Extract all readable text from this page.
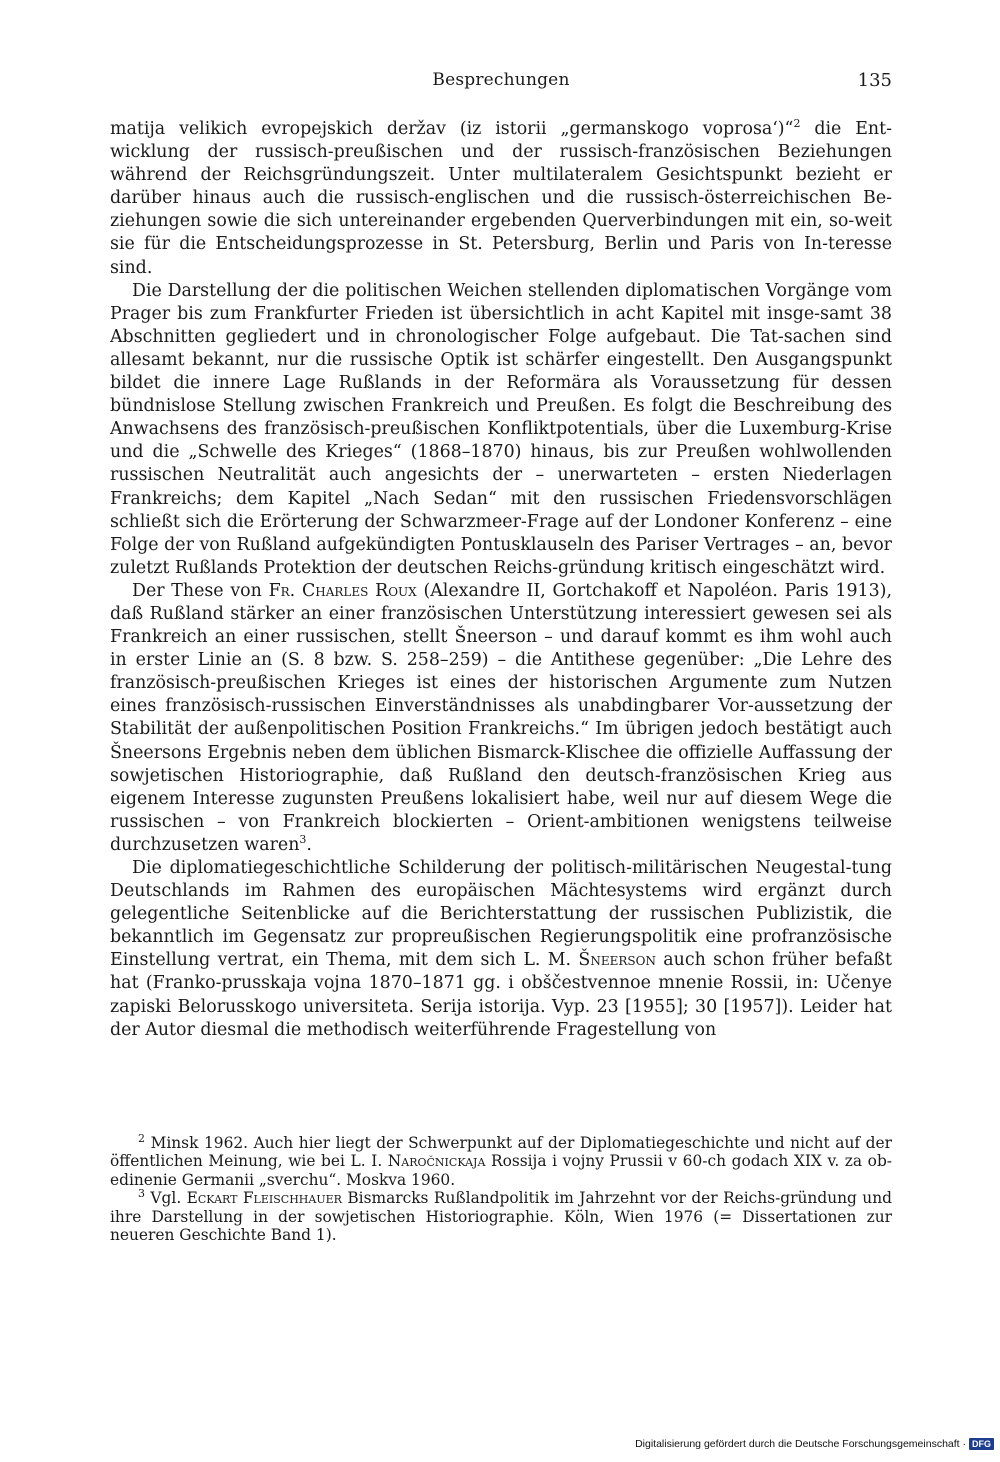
Besprechungen	135

matija velikich evropejskich deržav (iz istorii „germanskogo voprosa‘)“$^2$ die Ent-wicklung der russisch-preußischen und der russisch-französischen Beziehungen während der Reichsgründungszeit. Unter multilateralem Gesichtspunkt bezieht er darüber hinaus auch die russisch-englischen und die russisch-österreichischen Be-ziehungen sowie die sich untereinander ergebenden Querverbindungen mit ein, so-weit sie für die Entscheidungsprozesse in St. Petersburg, Berlin und Paris von In-teresse sind.

Die Darstellung der die politischen Weichen stellenden diplomatischen Vorgänge vom Prager bis zum Frankfurter Frieden ist übersichtlich in acht Kapitel mit insge-samt 38 Abschnitten gegliedert und in chronologischer Folge aufgebaut. Die Tat-sachen sind allesamt bekannt, nur die russische Optik ist schärfer eingestellt. Den Ausgangspunkt bildet die innere Lage Rußlands in der Reformära als Voraussetzung für dessen bündnislose Stellung zwischen Frankreich und Preußen. Es folgt die Beschreibung des Anwachsens des französisch-preußischen Konfliktpotentials, über die Luxemburg-Krise und die „Schwelle des Krieges“ (1868–1870) hinaus, bis zur Preußen wohlwollenden russischen Neutralität auch angesichts der – unerwarteten – ersten Niederlagen Frankreichs; dem Kapitel „Nach Sedan“ mit den russischen Friedensvorschlägen schließt sich die Erörterung der Schwarzmeer-Frage auf der Londoner Konferenz – eine Folge der von Rußland aufgekündigten Pontusklauseln des Pariser Vertrages – an, bevor zuletzt Rußlands Protektion der deutschen Reichs-gründung kritisch eingeschätzt wird.

Der These von Fr. Charles Roux (Alexandre II, Gortchakoff et Napoléon. Paris 1913), daß Rußland stärker an einer französischen Unterstützung interessiert gewesen sei als Frankreich an einer russischen, stellt Šneerson – und darauf kommt es ihm wohl auch in erster Linie an (S. 8 bzw. S. 258–259) – die Antithese gegenüber: „Die Lehre des französisch-preußischen Krieges ist eines der historischen Argumente zum Nutzen eines französisch-russischen Einverständnisses als unabdingbarer Vor-aussetzung der Stabilität der außenpolitischen Position Frankreichs.“ Im übrigen jedoch bestätigt auch Šneersons Ergebnis neben dem üblichen Bismarck-Klischee die offizielle Auffassung der sowjetischen Historiographie, daß Rußland den deutsch-französischen Krieg aus eigenem Interesse zugunsten Preußens lokalisiert habe, weil nur auf diesem Wege die russischen – von Frankreich blockierten – Orient-ambitionen wenigstens teilweise durchzusetzen waren$^3$.

Die diplomatiegeschichtliche Schilderung der politisch-militärischen Neugestal-tung Deutschlands im Rahmen des europäischen Mächtesystems wird ergänzt durch gelegentliche Seitenblicke auf die Berichterstattung der russischen Publizistik, die bekanntlich im Gegensatz zur propreußischen Regierungspolitik eine profranzösische Einstellung vertrat, ein Thema, mit dem sich L. M. Šneerson auch schon früher befaßt hat (Franko-prusskaja vojna 1870–1871 gg. i obščestvennoe mnenie Rossii, in: Učenye zapiski Belorusskogo universiteta. Serija istorija. Vyp. 23 [1955]; 30 [1957]). Leider hat der Autor diesmal die methodisch weiterführende Fragestellung von

$^2$ Minsk 1962. Auch hier liegt der Schwerpunkt auf der Diplomatiegeschichte und nicht auf der öffentlichen Meinung, wie bei L. I. Naročnickaja Rossija i vojny Prussii v 60-ch godach XIX v. za ob-edinenie Germanii „sverchu“. Moskva 1960.

$^3$ Vgl. Eckart Fleischhauer Bismarcks Rußlandpolitik im Jahrzehnt vor der Reichs-gründung und ihre Darstellung in der sowjetischen Historiographie. Köln, Wien 1976 (= Dissertationen zur neueren Geschichte Band 1).

Digitalisierung gefördert durch die Deutsche Forschungsgemeinschaft · DFG
